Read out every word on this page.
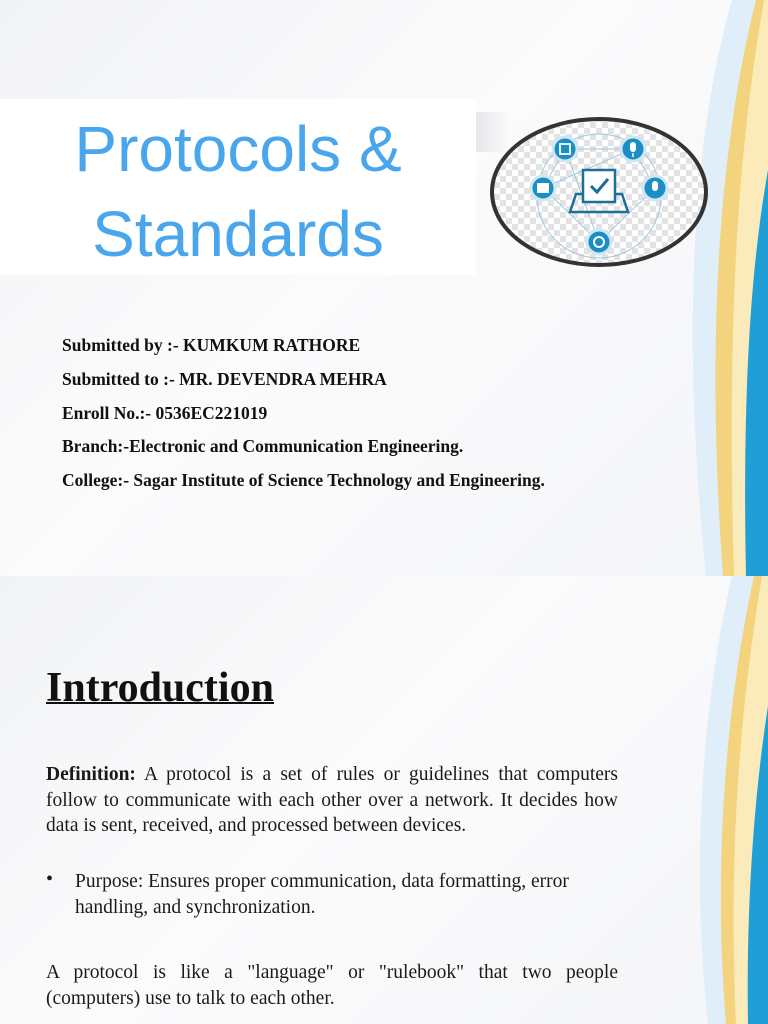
Protocols &
Standards
Submitted by :- KUMKUM RATHORE
Submitted to :- MR. DEVENDRA MEHRA
Enroll No.:- 0536EC221019
Branch:-Electronic and Communication Engineering.
College:- Sagar Institute of Science Technology and Engineering.
Introduction

Definition: A protocol is a set of rules or guidelines that computers follow to communicate with each other over a network. It decides how data is sent, received, and processed between devices.

• Purpose: Ensures proper communication, data formatting, error handling, and synchronization.

A protocol is like a "language" or "rulebook" that two people (computers) use to talk to each other.
